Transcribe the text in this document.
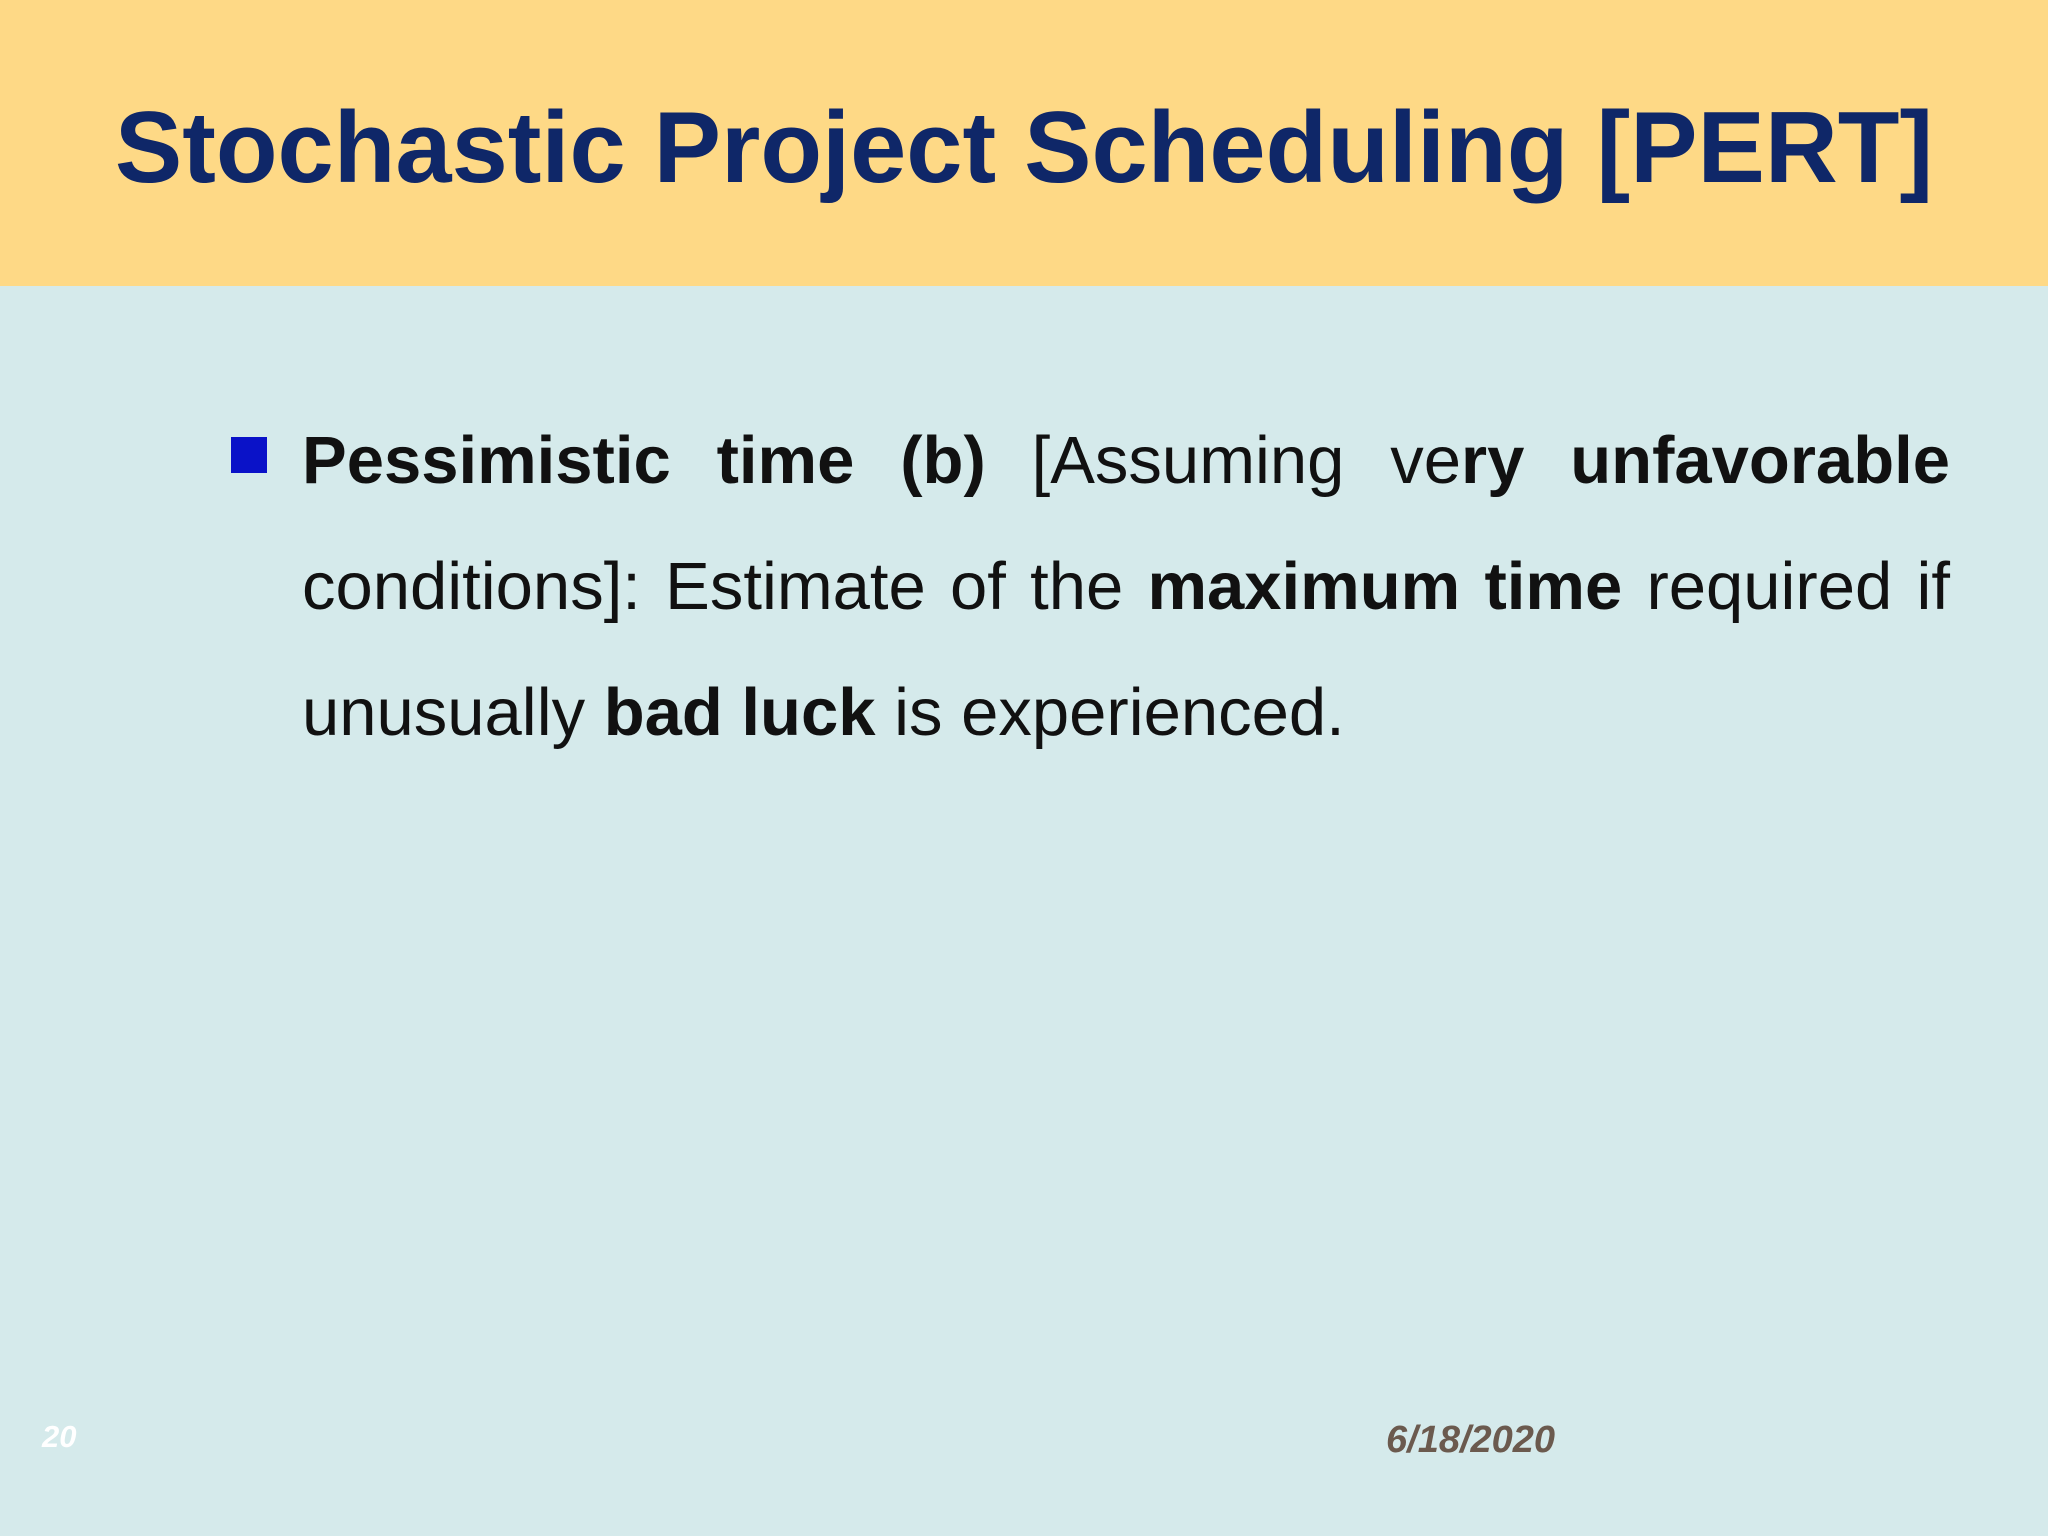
Stochastic Project Scheduling [PERT]

Pessimistic time (b) [Assuming very unfavorable conditions]: Estimate of the maximum time required if unusually bad luck is experienced.

20	6/18/2020
